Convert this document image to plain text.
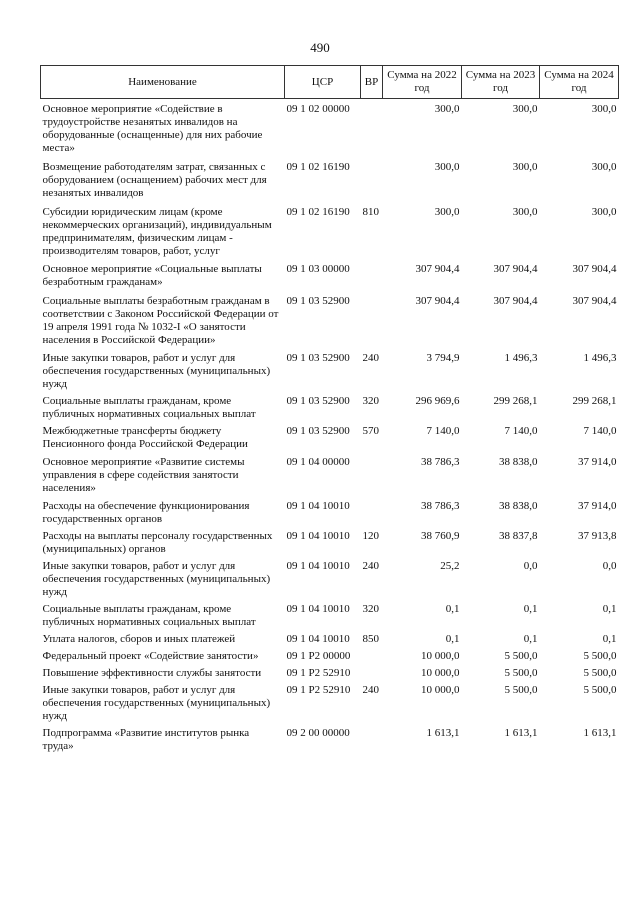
490
Наименование	ЦСР	ВР	Сумма на 2022 год	Сумма на 2023 год	Сумма на 2024 год
Основное мероприятие «Содействие в трудоустройстве незанятых инвалидов на оборудованные (оснащенные) для них рабочие места»	09 1 02 00000		300,0	300,0	300,0
Возмещение работодателям затрат, связанных с оборудованием (оснащением) рабочих мест для незанятых инвалидов	09 1 02 16190		300,0	300,0	300,0
Субсидии юридическим лицам (кроме некоммерческих организаций), индивидуальным предпринимателям, физическим лицам - производителям товаров, работ, услуг	09 1 02 16190	810	300,0	300,0	300,0
Основное мероприятие «Социальные выплаты безработным гражданам»	09 1 03 00000		307 904,4	307 904,4	307 904,4
Социальные выплаты безработным гражданам в соответствии с Законом Российской Федерации от 19 апреля 1991 года № 1032-I «О занятости населения в Российской Федерации»	09 1 03 52900		307 904,4	307 904,4	307 904,4
Иные закупки товаров, работ и услуг для обеспечения государственных (муниципальных) нужд	09 1 03 52900	240	3 794,9	1 496,3	1 496,3
Социальные выплаты гражданам, кроме публичных нормативных социальных выплат	09 1 03 52900	320	296 969,6	299 268,1	299 268,1
Межбюджетные трансферты бюджету Пенсионного фонда Российской Федерации	09 1 03 52900	570	7 140,0	7 140,0	7 140,0
Основное мероприятие «Развитие системы управления в сфере содействия занятости населения»	09 1 04 00000		38 786,3	38 838,0	37 914,0
Расходы на обеспечение функционирования государственных органов	09 1 04 10010		38 786,3	38 838,0	37 914,0
Расходы на выплаты персоналу государственных (муниципальных) органов	09 1 04 10010	120	38 760,9	38 837,8	37 913,8
Иные закупки товаров, работ и услуг для обеспечения государственных (муниципальных) нужд	09 1 04 10010	240	25,2	0,0	0,0
Социальные выплаты гражданам, кроме публичных нормативных социальных выплат	09 1 04 10010	320	0,1	0,1	0,1
Уплата налогов, сборов и иных платежей	09 1 04 10010	850	0,1	0,1	0,1
Федеральный проект «Содействие занятости»	09 1 P2 00000		10 000,0	5 500,0	5 500,0
Повышение эффективности службы занятости	09 1 P2 52910		10 000,0	5 500,0	5 500,0
Иные закупки товаров, работ и услуг для обеспечения государственных (муниципальных) нужд	09 1 P2 52910	240	10 000,0	5 500,0	5 500,0
Подпрограмма «Развитие институтов рынка труда»	09 2 00 00000		1 613,1	1 613,1	1 613,1
